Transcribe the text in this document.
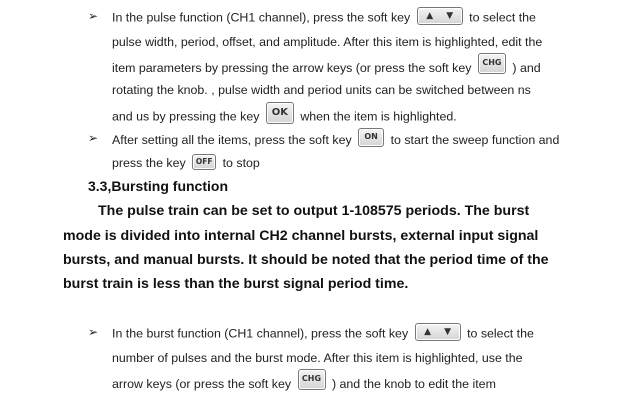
➢ In the pulse function (CH1 channel), press the soft key ▲ ▼ to select the
pulse width, period, offset, and amplitude. After this item is highlighted, edit the
item parameters by pressing the arrow keys (or press the soft key CHG ) and
rotating the knob. , pulse width and period units can be switched between ns
and us by pressing the key OK when the item is highlighted.
➢ After setting all the items, press the soft key ON to start the sweep function and
press the key OFF to stop
3.3,Bursting function
The pulse train can be set to output 1-108575 periods. The burst
mode is divided into internal CH2 channel bursts, external input signal
bursts, and manual bursts. It should be noted that the period time of the
burst train is less than the burst signal period time.
➢ In the burst function (CH1 channel), press the soft key ▲ ▼ to select the
number of pulses and the burst mode. After this item is highlighted, use the
arrow keys (or press the soft key CHG ) and the knob to edit the item
